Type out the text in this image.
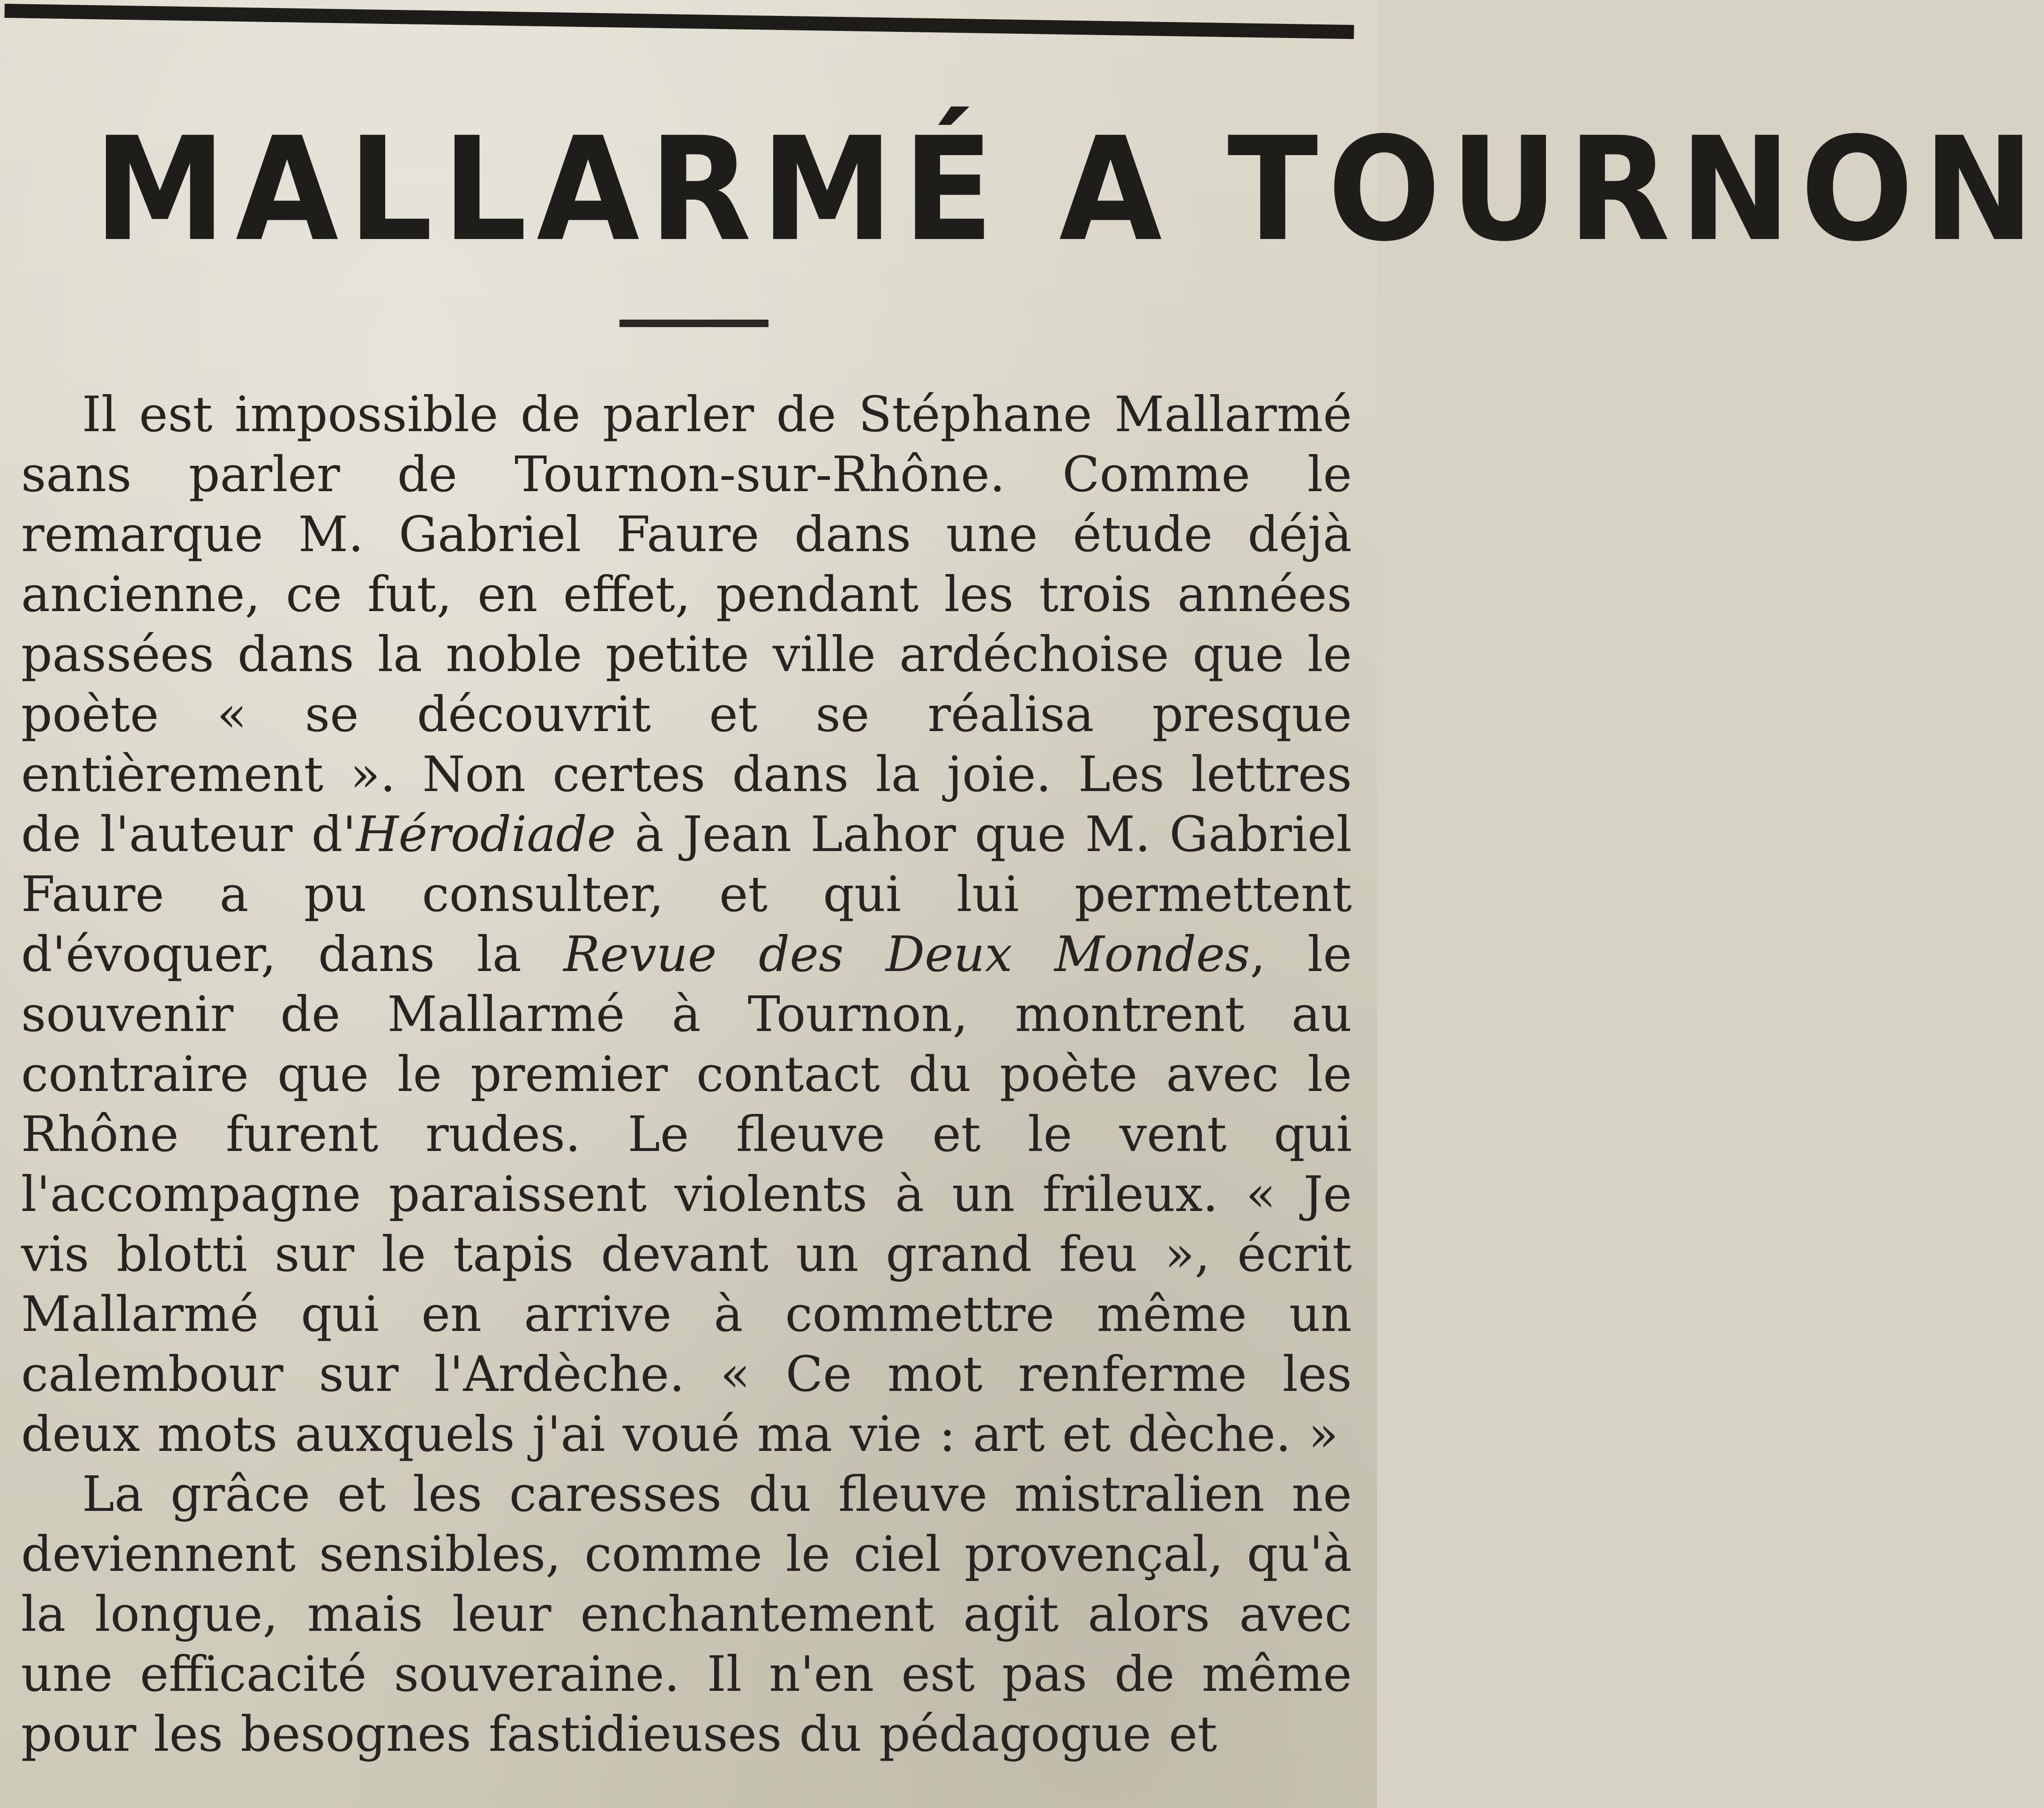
MALLARMÉ A TOURNON

Il est impossible de parler de Stéphane Mallarmé sans parler de Tournon-sur-Rhône. Comme le remarque M. Gabriel Faure dans une étude déjà ancienne, ce fut, en effet, pendant les trois années passées dans la noble petite ville ardéchoise que le poète « se découvrit et se réalisa presque entièrement ». Non certes dans la joie. Les lettres de l'auteur d'Hérodiade à Jean Lahor que M. Gabriel Faure a pu consulter, et qui lui permettent d'évoquer, dans la Revue des Deux Mondes, le souvenir de Mallarmé à Tournon, montrent au contraire que le premier contact du poète avec le Rhône furent rudes. Le fleuve et le vent qui l'accompagne paraissent violents à un frileux. « Je vis blotti sur le tapis devant un grand feu », écrit Mallarmé qui en arrive à commettre même un calembour sur l'Ardèche. « Ce mot renferme les deux mots auxquels j'ai voué ma vie : art et dèche. »

La grâce et les caresses du fleuve mistralien ne deviennent sensibles, comme le ciel provençal, qu'à la longue, mais leur enchantement agit alors avec une efficacité souveraine. Il n'en est pas de même pour les besognes fastidieuses du pédagogue et
